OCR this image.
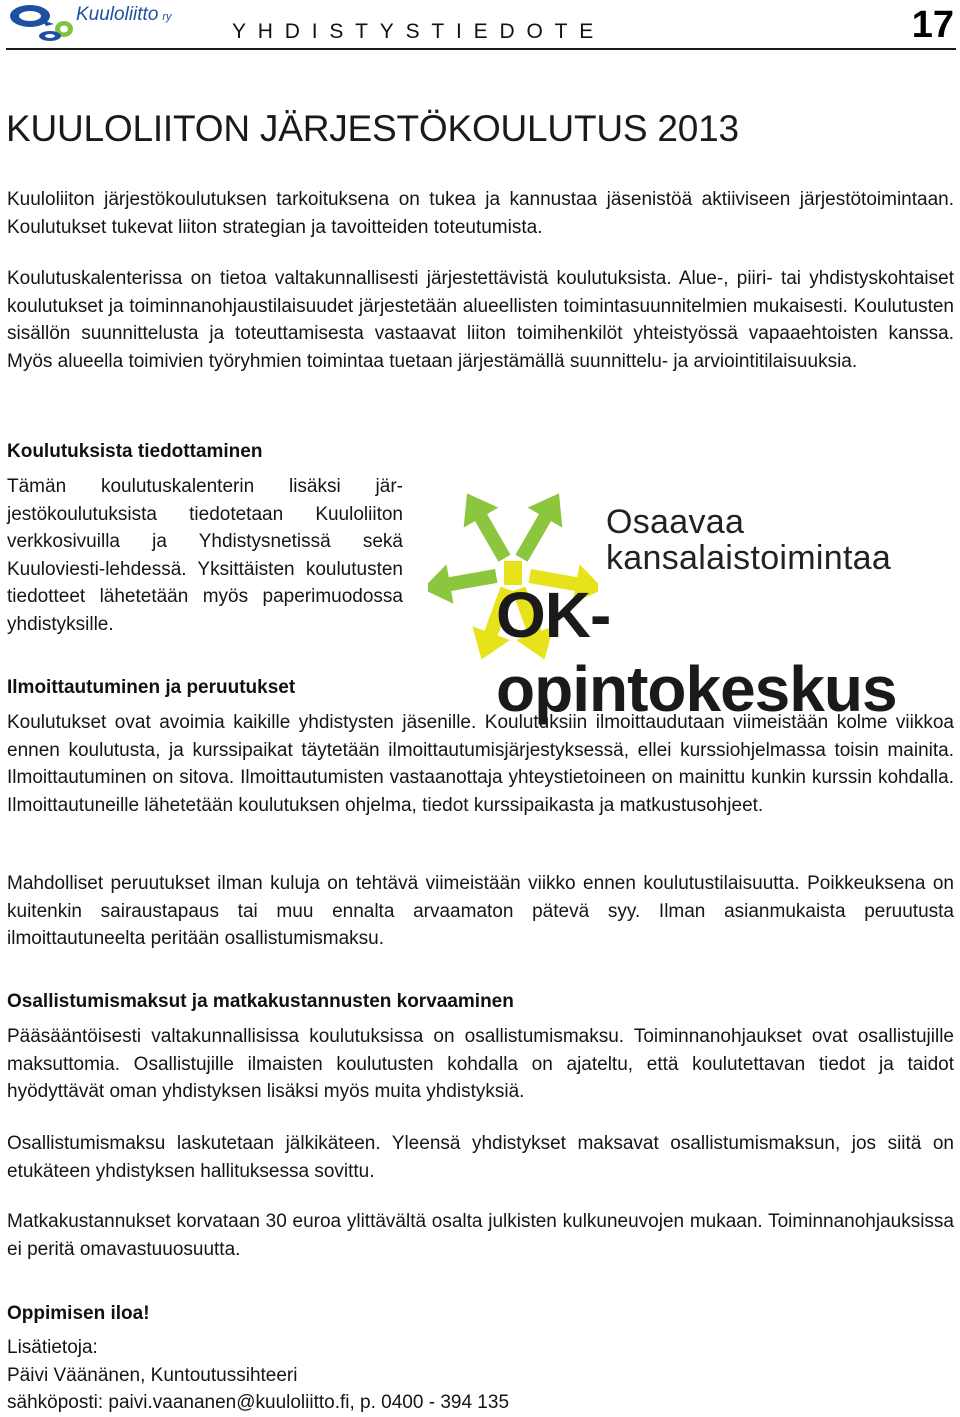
Kuuloliitto ry
YHDISTYSTIEDOTE	17
KUULOLIITON JÄRJESTÖKOULUTUS 2013

Kuuloliiton järjestökoulutuksen tarkoituksena on tukea ja kannustaa jäsenistöä aktiiviseen järjestötoimintaan. Koulutukset tukevat liiton strategian ja tavoitteiden toteutumista.

Koulutuskalenterissa on tietoa valtakunnallisesti järjestettävistä koulutuksista. Alue-, piiri- tai yhdistyskohtaiset koulutukset ja toiminnanohjaustilaisuudet järjestetään alueellisten toimintasuunnitelmien mukaisesti. Koulutusten sisällön suunnittelusta ja toteuttamisesta vastaavat liiton toimihenkilöt yhteistyössä vapaaehtoisten kanssa. Myös alueella toimivien työryhmien toimintaa tuetaan järjestämällä suunnittelu- ja arviointitilaisuuksia.

Koulutuksista tiedottaminen

Tämän koulutuskalenterin lisäksi jär-jestökoulutuksista tiedotetaan Kuuloliiton verkkosivuilla ja Yhdistysnetissä sekä Kuuloviesti-lehdessä. Yksittäisten koulutusten tiedotteet lähetetään myös paperimuodossa yhdistyksille.

Osaavaa
kansalaistoimintaa
OK-opintokeskus
Ilmoittautuminen ja peruutukset

Koulutukset ovat avoimia kaikille yhdistysten jäsenille. Koulutuksiin ilmoittaudutaan viimeistään kolme viikkoa ennen koulutusta, ja kurssipaikat täytetään ilmoittautumisjärjestyksessä, ellei kurssiohjelmassa toisin mainita. Ilmoittautuminen on sitova. Ilmoittautumisten vastaanottaja yhteystietoineen on mainittu kunkin kurssin kohdalla. Ilmoittautuneille lähetetään koulutuksen ohjelma, tiedot kurssipaikasta ja matkustusohjeet.

Mahdolliset peruutukset ilman kuluja on tehtävä viimeistään viikko ennen koulutustilaisuutta. Poikkeuksena on kuitenkin sairaustapaus tai muu ennalta arvaamaton pätevä syy. Ilman asianmukaista peruutusta ilmoittautuneelta peritään osallistumismaksu.

Osallistumismaksut ja matkakustannusten korvaaminen

Pääsääntöisesti valtakunnallisissa koulutuksissa on osallistumismaksu. Toiminnanohjaukset ovat osallistujille maksuttomia. Osallistujille ilmaisten koulutusten kohdalla on ajateltu, että koulutettavan tiedot ja taidot hyödyttävät oman yhdistyksen lisäksi myös muita yhdistyksiä.

Osallistumismaksu laskutetaan jälkikäteen. Yleensä yhdistykset maksavat osallistumismaksun, jos siitä on etukäteen yhdistyksen hallituksessa sovittu.

Matkakustannukset korvataan 30 euroa ylittävältä osalta julkisten kulkuneuvojen mukaan. Toiminnanohjauksissa ei peritä omavastuuosuutta.

Oppimisen iloa!

Lisätietoja:

Päivi Väänänen, Kuntoutussihteeri

sähköposti: paivi.vaananen@kuuloliitto.fi, p. 0400 - 394 135
